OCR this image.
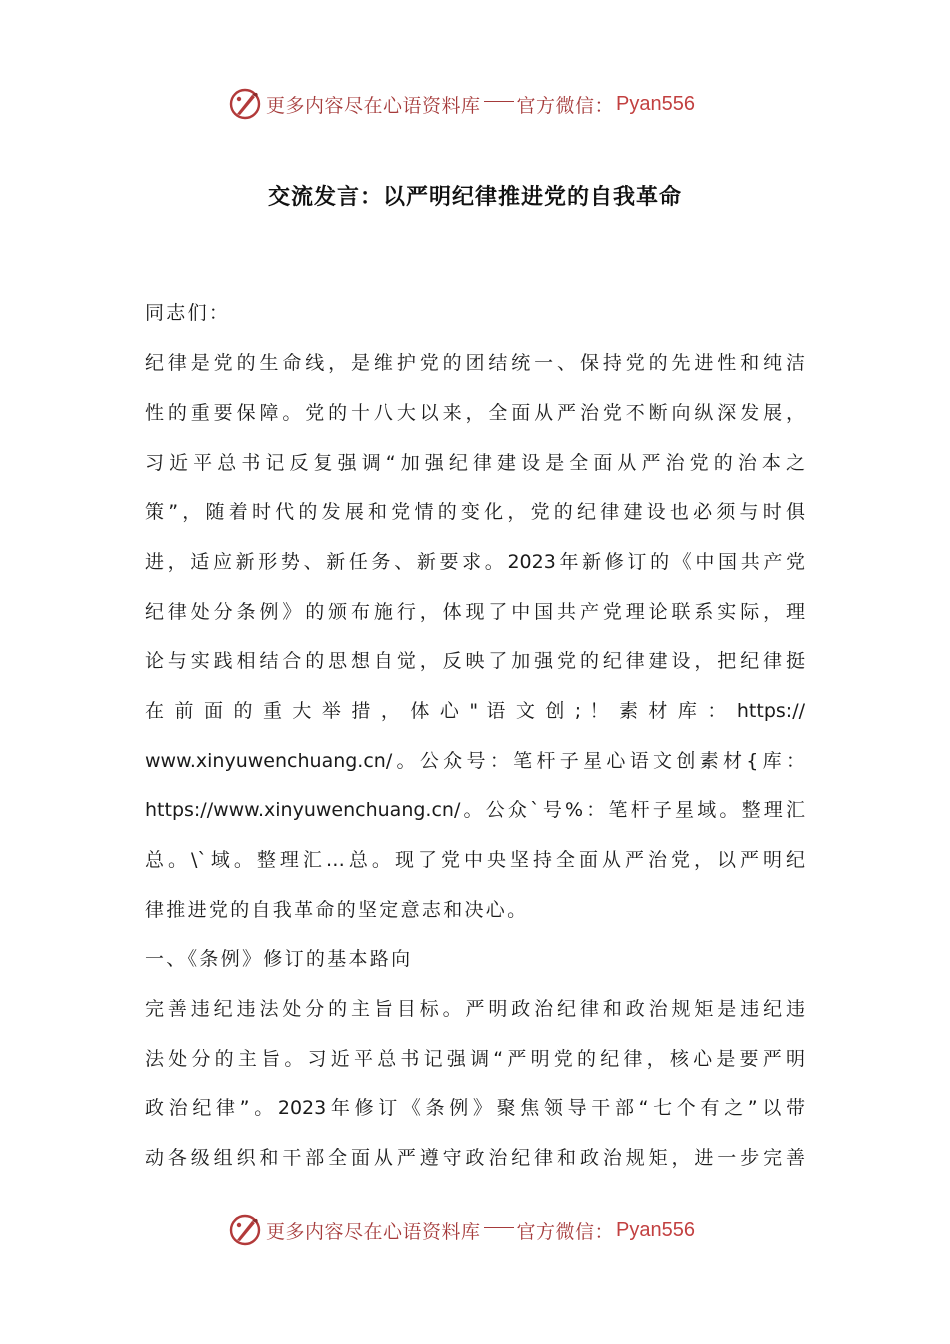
更多内容尽在心语资料库 官方微信： Pyan556
交流发言：以严明纪律推进党的自我革命
同志们：
纪律是党的生命线，是维护党的团结统一、保持党的先进性和纯洁
性的重要保障。党的十八大以来，全面从严治党不断向纵深发展，
习近平总书记反复强调“加强纪律建设是全面从严治党的治本之
策”，随着时代的发展和党情的变化，党的纪律建设也必须与时俱
进，适应新形势、新任务、新要求。2023年新修订的《中国共产党
纪律处分条例》的颁布施行，体现了中国共产党理论联系实际，理
论与实践相结合的思想自觉，反映了加强党的纪律建设，把纪律挺
在 前 面 的 重 大 举 措 ， 体 心 " 语 文 创 ; ！ 素 材 库 ： https://
www.xinyuwenchuang.cn/。公众号：笔杆子星心语文创素材{库：
https://www.xinyuwenchuang.cn/。公众`号%：笔杆子星域。整理汇
总。\`域。整理汇…总。现了党中央坚持全面从严治党，以严明纪
律推进党的自我革命的坚定意志和决心。
一、《条例》修订的基本路向
完善违纪违法处分的主旨目标。严明政治纪律和政治规矩是违纪违
法处分的主旨。习近平总书记强调“严明党的纪律，核心是要严明
政治纪律”。2023年修订《条例》聚焦领导干部“七个有之”以带
动各级组织和干部全面从严遵守政治纪律和政治规矩，进一步完善
更多内容尽在心语资料库 官方微信： Pyan556
